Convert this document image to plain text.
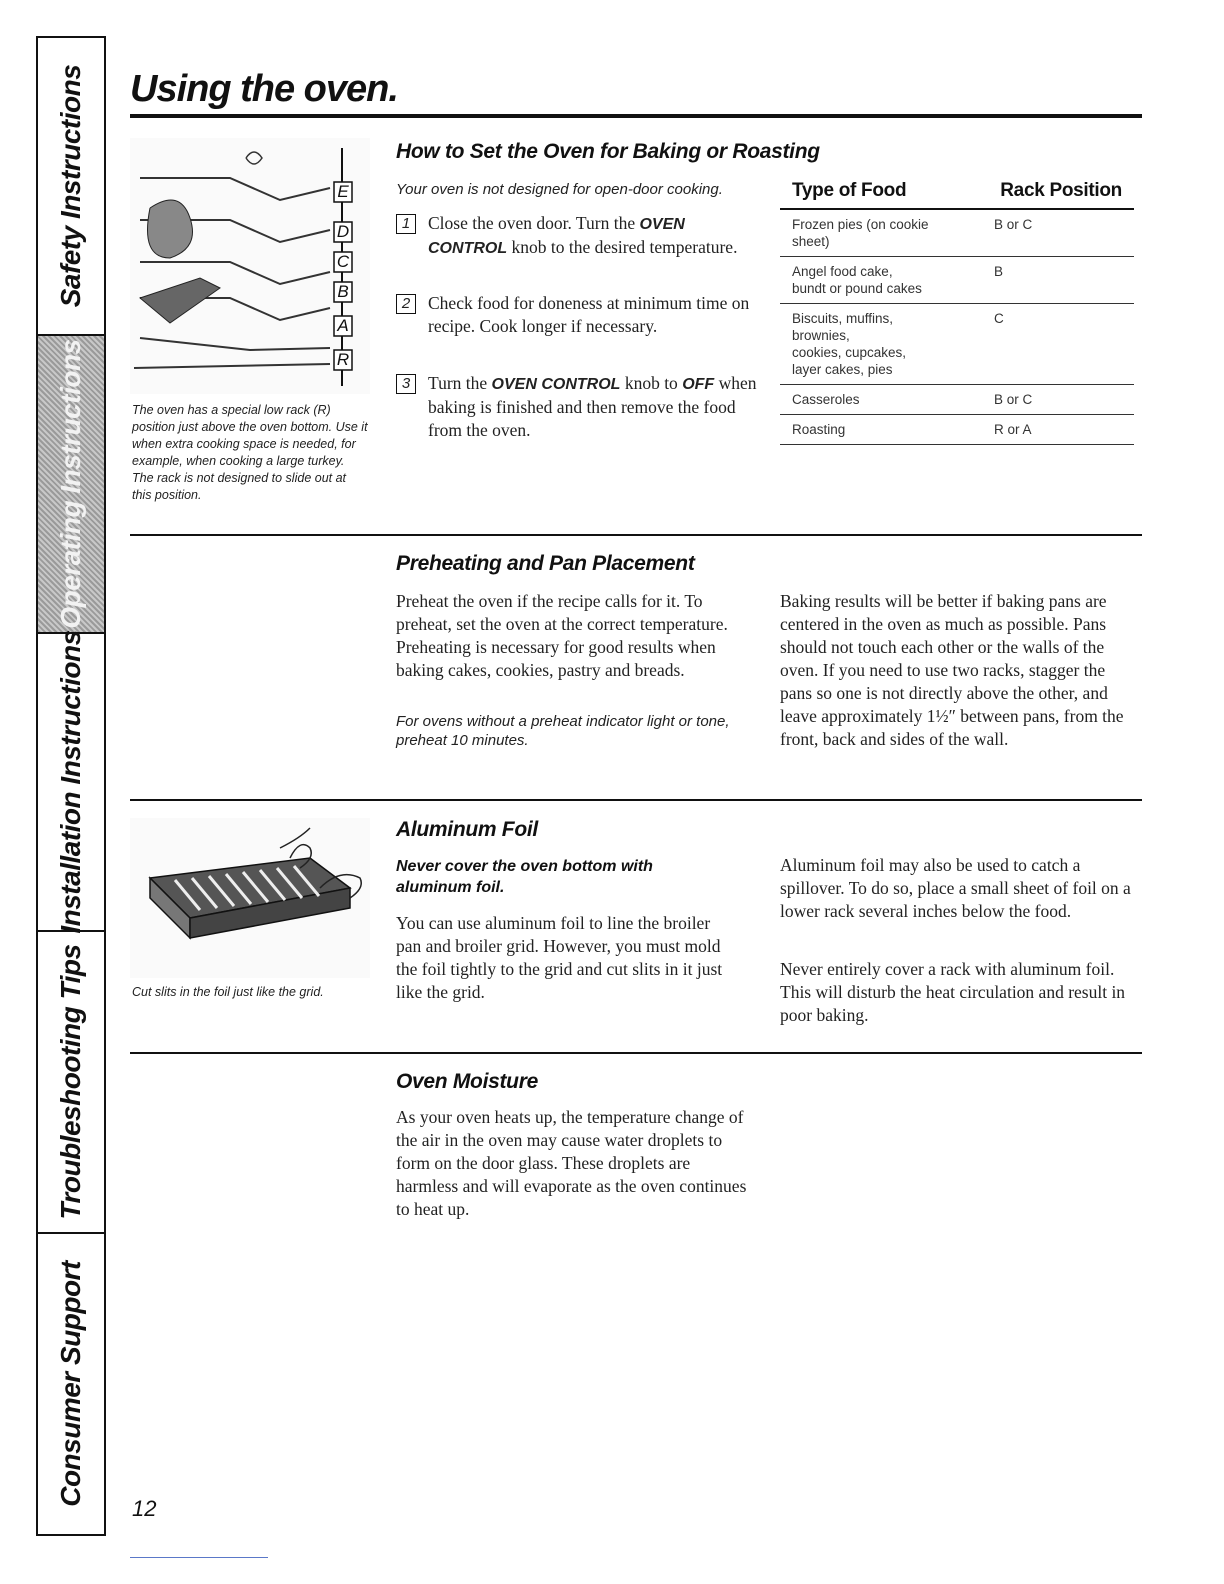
Safety Instructions
Operating Instructions
Installation Instructions
Troubleshooting Tips
Consumer Support
Using the oven.
E
D
C
B
A
R
The oven has a special low rack (R) position just above the oven bottom. Use it when extra cooking space is needed, for example, when cooking a large turkey. The rack is not designed to slide out at this position.
How to Set the Oven for Baking or Roasting
Your oven is not designed for open-door cooking.
1	Close the oven door. Turn the OVEN CONTROL knob to the desired temperature.
2	Check food for doneness at minimum time on recipe. Cook longer if necessary.
3	Turn the OVEN CONTROL knob to OFF when baking is finished and then remove the food from the oven.
Type of Food	Rack Position
Frozen pies (on cookie sheet)	B or C
Angel food cake,
bundt or pound cakes	B
Biscuits, muffins, brownies,
cookies, cupcakes,
layer cakes, pies	C
Casseroles	B or C
Roasting	R or A
Preheating and Pan Placement
Preheat the oven if the recipe calls for it. To preheat, set the oven at the correct temperature. Preheating is necessary for good results when baking cakes, cookies, pastry and breads.
For ovens without a preheat indicator light or tone, preheat 10 minutes.
Baking results will be better if baking pans are centered in the oven as much as possible. Pans should not touch each other or the walls of the oven. If you need to use two racks, stagger the pans so one is not directly above the other, and leave approximately 1½″ between pans, from the front, back and sides of the wall.
Cut slits in the foil just like the grid.
Aluminum Foil
Never cover the oven bottom with aluminum foil.
You can use aluminum foil to line the broiler pan and broiler grid. However, you must mold the foil tightly to the grid and cut slits in it just like the grid.
Aluminum foil may also be used to catch a spillover. To do so, place a small sheet of foil on a lower rack several inches below the food.
Never entirely cover a rack with aluminum foil. This will disturb the heat circulation and result in poor baking.
Oven Moisture
As your oven heats up, the temperature change of the air in the oven may cause water droplets to form on the door glass. These droplets are harmless and will evaporate as the oven continues to heat up.
12
